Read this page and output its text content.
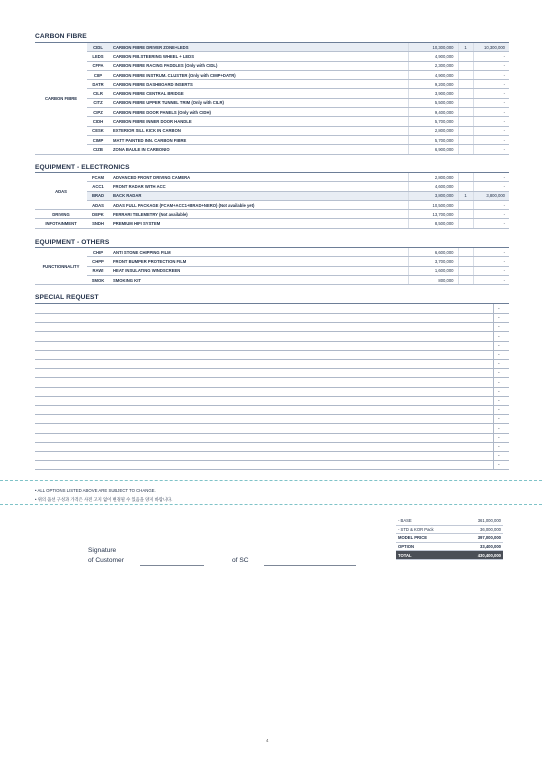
CARBON FIBRE
CARBON FIBRE	CIDL	CARBON FIBRE DRIVER ZONE+LEDS	10,300,000	1	10,300,000
	LEDS	CARBON FIB.STEERING WHEEL + LEDS	4,900,000		-
	CFPA	CARBON FIBRE RACING PADDLES (Only with CIDL)	2,300,000		-
	CIIP	CARBON FIBRE INSTRUM. CLUSTER (Only with CIMP+DATR)	4,900,000		-
	DATR	CARBON FIBRE DASHBOARD INSERTS	9,200,000		-
	CILR	CARBON FIBRE CENTRAL BRIDGE	3,900,000		-
	CITZ	CARBON FIBRE UPPER TUNNEL TRIM (Only with CILR)	5,500,000		-
	CIPZ	CARBON FIBRE DOOR PANELS (Only with CIDH)	9,400,000		-
	CIDH	CARBON FIBRE INNER DOOR HANDLE	5,700,000		-
	CESK	EXTERIOR SILL KICK IN CARBON	2,800,000		-
	CIMP	MATT PAINTED INN. CARBON FIBRE	5,700,000		-
	CIZB	ZONA BAULE IN CARBONIO	6,900,000		-
EQUIPMENT - ELECTRONICS
ADAS	FCAM	ADVANCED FRONT DRIVING CAMERA	2,800,000		-
	ACC1	FRONT RADAR WITH ACC	4,600,000		-
	BRAD	BACK RADAR	3,800,000	1	3,800,000
	ADAS	ADAS FULL PACKAGE (FCAM+ACC1+BRAD+NERO) (Not available yet)	10,500,000		-
DRIVING	DEPK	FERRARI TELEMETRY (Not available)	13,700,000		-
INFOTAINMENT	SNDH	PREMIUM HIFI SYSTEM	8,500,000		-
EQUIPMENT - OTHERS
FUNCTIONNALITY	CHIP	ANTI STONE CHIPPING FILM	6,600,000		-
	CHPP	FRONT BUMPER PROTECTION FILM	3,700,000		-
	RAWI	HEAT INSULATING WINDSCREEN	1,600,000		-
	SMOK	SMOKING KIT	800,000		-
SPECIAL REQUEST
-
-
-
-
-
-
-
-
-
-
-
-
-
-
-
-
-
-
• ALL OPTIONS LISTED ABOVE ARE SUBJECT TO CHANGE.
• 위의 옵션 구성과 가격은 사전 고지 없이 변경될 수 있음을 양지 바랍니다.
- BASE	361,000,000
- STD & KOR Pack	36,000,000
MODEL PRICE	397,000,000
OPTION	33,400,000
TOTAL	430,400,000
Signature
of Customer	of SC
4
